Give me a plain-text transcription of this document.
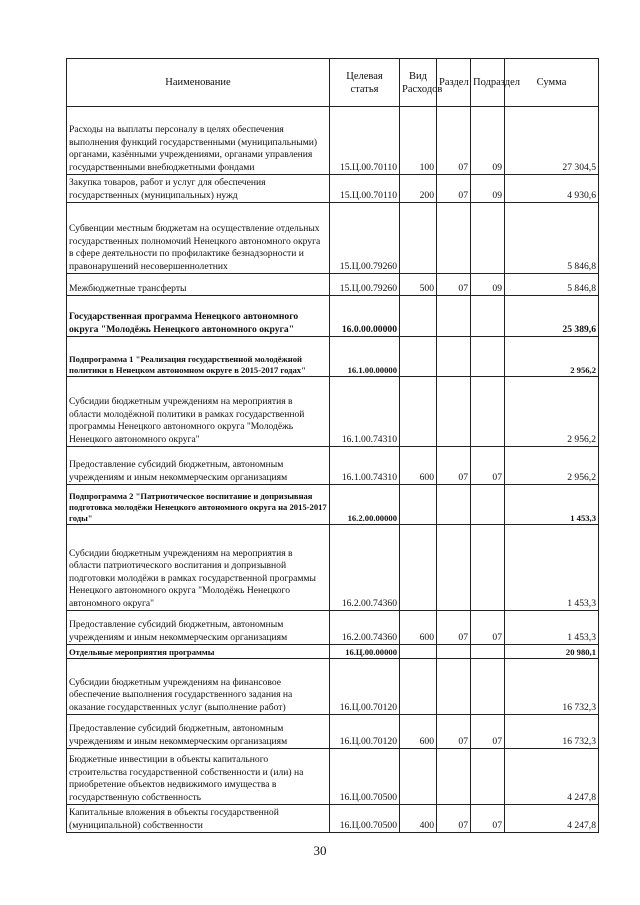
Наименование	Целевая статья	Вид Расходов	Раздел	Подраздел	Сумма
Расходы на выплаты персоналу в целях обеспечения выполнения функций государственными (муниципальными) органами, казёнными учреждениями, органами управления государственными внебюджетными фондами	15.Ц.00.70110	100	07	09	27 304,5
Закупка товаров, работ и услуг для обеспечения государственных (муниципальных) нужд	15.Ц.00.70110	200	07	09	4 930,6
Субвенции местным бюджетам на осуществление отдельных государственных полномочий Ненецкого автономного округа в сфере деятельности по профилактике безнадзорности и правонарушений несовершеннолетних	15.Ц.00.79260				5 846,8
Межбюджетные трансферты	15.Ц.00.79260	500	07	09	5 846,8
Государственная программа Ненецкого автономного округа "Молодёжь Ненецкого автономного округа"	16.0.00.00000				25 389,6
Подпрограмма 1 "Реализация государственной молодёжной политики в Ненецком автономном округе в 2015-2017 годах"	16.1.00.00000				2 956,2
Субсидии бюджетным учреждениям на мероприятия в области молодёжной политики в рамках государственной программы Ненецкого автономного округа "Молодёжь Ненецкого автономного округа"	16.1.00.74310				2 956,2
Предоставление субсидий бюджетным, автономным учреждениям и иным некоммерческим организациям	16.1.00.74310	600	07	07	2 956,2
Подпрограмма 2 "Патриотическое воспитание и допризывная подготовка молодёжи Ненецкого автономного округа на 2015-2017 годы"	16.2.00.00000				1 453,3
Субсидии бюджетным учреждениям на мероприятия в области патриотического воспитания и допризывной подготовки молодёжи в рамках государственной программы Ненецкого автономного округа "Молодёжь Ненецкого автономного округа"	16.2.00.74360				1 453,3
Предоставление субсидий бюджетным, автономным учреждениям и иным некоммерческим организациям	16.2.00.74360	600	07	07	1 453,3
Отдельные мероприятия программы	16.Ц.00.00000				20 980,1
Субсидии бюджетным учреждениям на финансовое обеспечение выполнения государственного задания на оказание государственных услуг (выполнение работ)	16.Ц.00.70120				16 732,3
Предоставление субсидий бюджетным, автономным учреждениям и иным некоммерческим организациям	16.Ц.00.70120	600	07	07	16 732,3
Бюджетные инвестиции в объекты капитального строительства государственной собственности и (или) на приобретение объектов недвижимого имущества в государственную собственность	16.Ц.00.70500				4 247,8
Капитальные вложения в объекты государственной (муниципальной) собственности	16.Ц.00.70500	400	07	07	4 247,8
30
